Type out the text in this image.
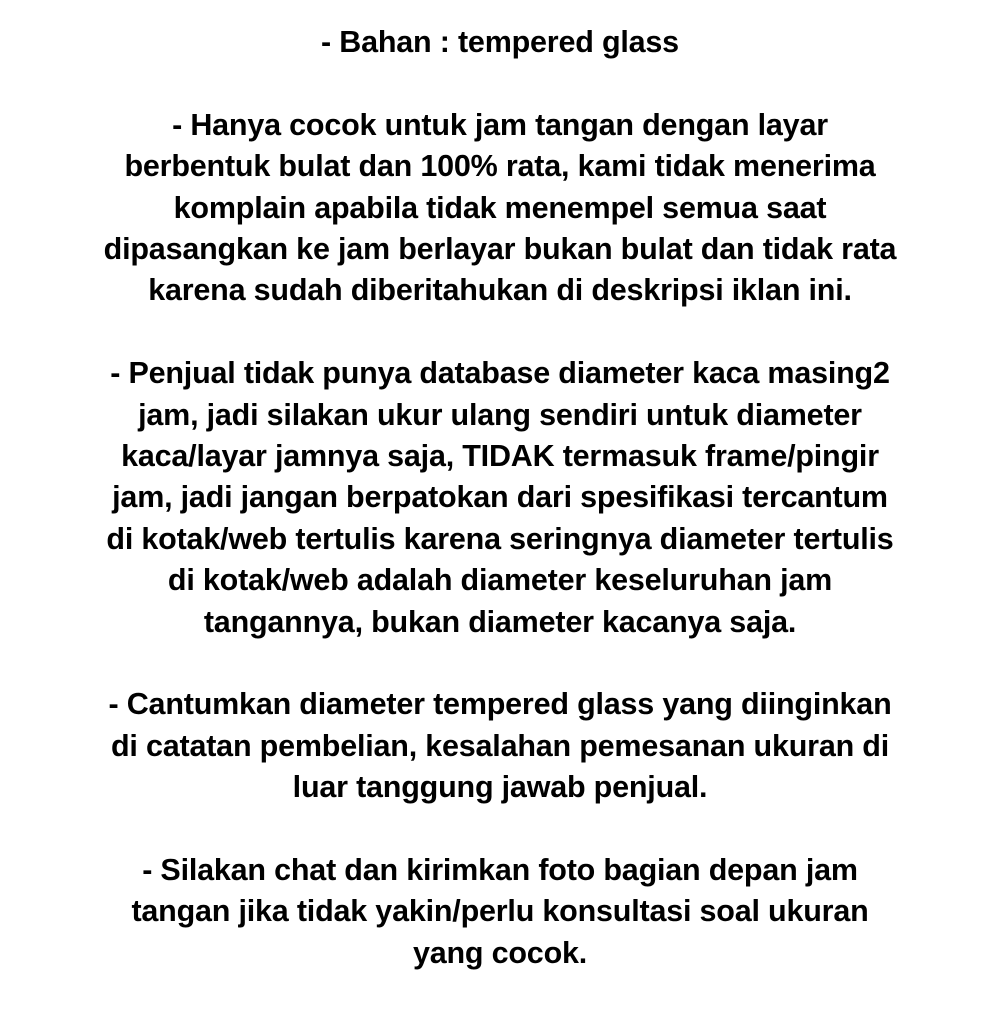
- Bahan : tempered glass

- Hanya cocok untuk jam tangan dengan layar
berbentuk bulat dan 100% rata, kami tidak menerima
komplain apabila tidak menempel semua saat
dipasangkan ke jam berlayar bukan bulat dan tidak rata
karena sudah diberitahukan di deskripsi iklan ini.

- Penjual tidak punya database diameter kaca masing2
jam, jadi silakan ukur ulang sendiri untuk diameter
kaca/layar jamnya saja, TIDAK termasuk frame/pingir
jam, jadi jangan berpatokan dari spesifikasi tercantum
di kotak/web tertulis karena seringnya diameter tertulis
di kotak/web adalah diameter keseluruhan jam
tangannya, bukan diameter kacanya saja.

- Cantumkan diameter tempered glass yang diinginkan
di catatan pembelian, kesalahan pemesanan ukuran di
luar tanggung jawab penjual.

- Silakan chat dan kirimkan foto bagian depan jam
tangan jika tidak yakin/perlu konsultasi soal ukuran
yang cocok.
